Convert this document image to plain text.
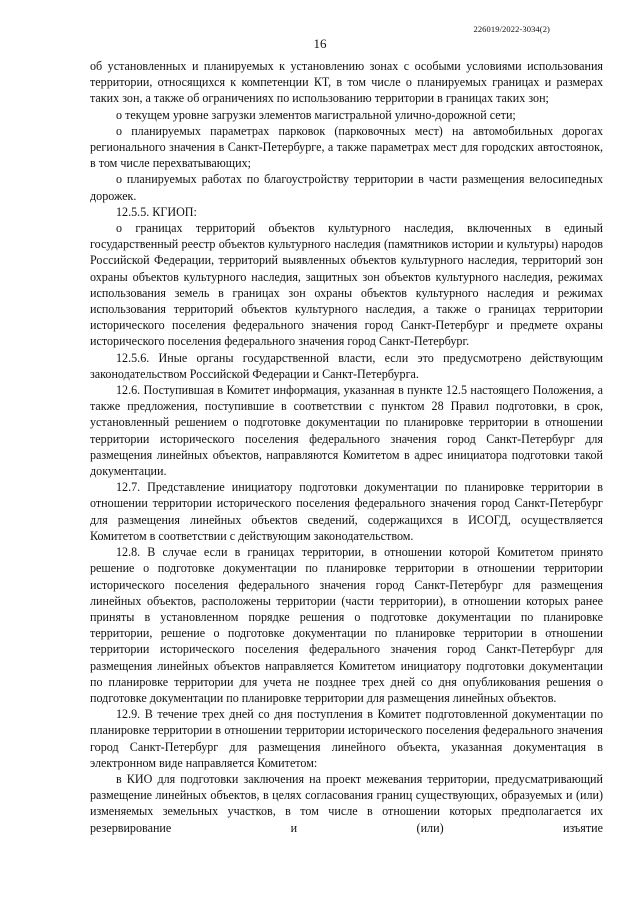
226019/2022-3034(2)
16

об установленных и планируемых к установлению зонах с особыми условиями использования территории, относящихся к компетенции КТ, в том числе о планируемых границах и размерах таких зон, а также об ограничениях по использованию территории в границах таких зон;

о текущем уровне загрузки элементов магистральной улично-дорожной сети;

о планируемых параметрах парковок (парковочных мест) на автомобильных дорогах регионального значения в Санкт-Петербурге, а также параметрах мест для городских автостоянок, в том числе перехватывающих;

о планируемых работах по благоустройству территории в части размещения велосипедных дорожек.

12.5.5. КГИОП:

о границах территорий объектов культурного наследия, включенных в единый государственный реестр объектов культурного наследия (памятников истории и культуры) народов Российской Федерации, территорий выявленных объектов культурного наследия, территорий зон охраны объектов культурного наследия, защитных зон объектов культурного наследия, режимах использования земель в границах зон охраны объектов культурного наследия и режимах использования территорий объектов культурного наследия, а также о границах территории исторического поселения федерального значения город Санкт-Петербург и предмете охраны исторического поселения федерального значения город Санкт-Петербург.

12.5.6. Иные органы государственной власти, если это предусмотрено действующим законодательством Российской Федерации и Санкт-Петербурга.

12.6. Поступившая в Комитет информация, указанная в пункте 12.5 настоящего Положения, а также предложения, поступившие в соответствии с пунктом 28 Правил подготовки, в срок, установленный решением о подготовке документации по планировке территории в отношении территории исторического поселения федерального значения город Санкт-Петербург для размещения линейных объектов, направляются Комитетом в адрес инициатора подготовки такой документации.

12.7. Представление инициатору подготовки документации по планировке территории в отношении территории исторического поселения федерального значения город Санкт-Петербург для размещения линейных объектов сведений, содержащихся в ИСОГД, осуществляется Комитетом в соответствии с действующим законодательством.

12.8. В случае если в границах территории, в отношении которой Комитетом принято решение о подготовке документации по планировке территории в отношении территории исторического поселения федерального значения город Санкт-Петербург для размещения линейных объектов, расположены территории (части территории), в отношении которых ранее приняты в установленном порядке решения о подготовке документации по планировке территории, решение о подготовке документации по планировке территории в отношении территории исторического поселения федерального значения город Санкт-Петербург для размещения линейных объектов направляется Комитетом инициатору подготовки документации по планировке территории для учета не позднее трех дней со дня опубликования решения о подготовке документации по планировке территории для размещения линейных объектов.

12.9. В течение трех дней со дня поступления в Комитет подготовленной документации по планировке территории в отношении территории исторического поселения федерального значения город Санкт-Петербург для размещения линейного объекта, указанная документация в электронном виде направляется Комитетом:

в КИО для подготовки заключения на проект межевания территории, предусматривающий размещение линейных объектов, в целях согласования границ существующих, образуемых и (или) изменяемых земельных участков, в том числе в отношении которых предполагается их резервирование и (или) изъятие
